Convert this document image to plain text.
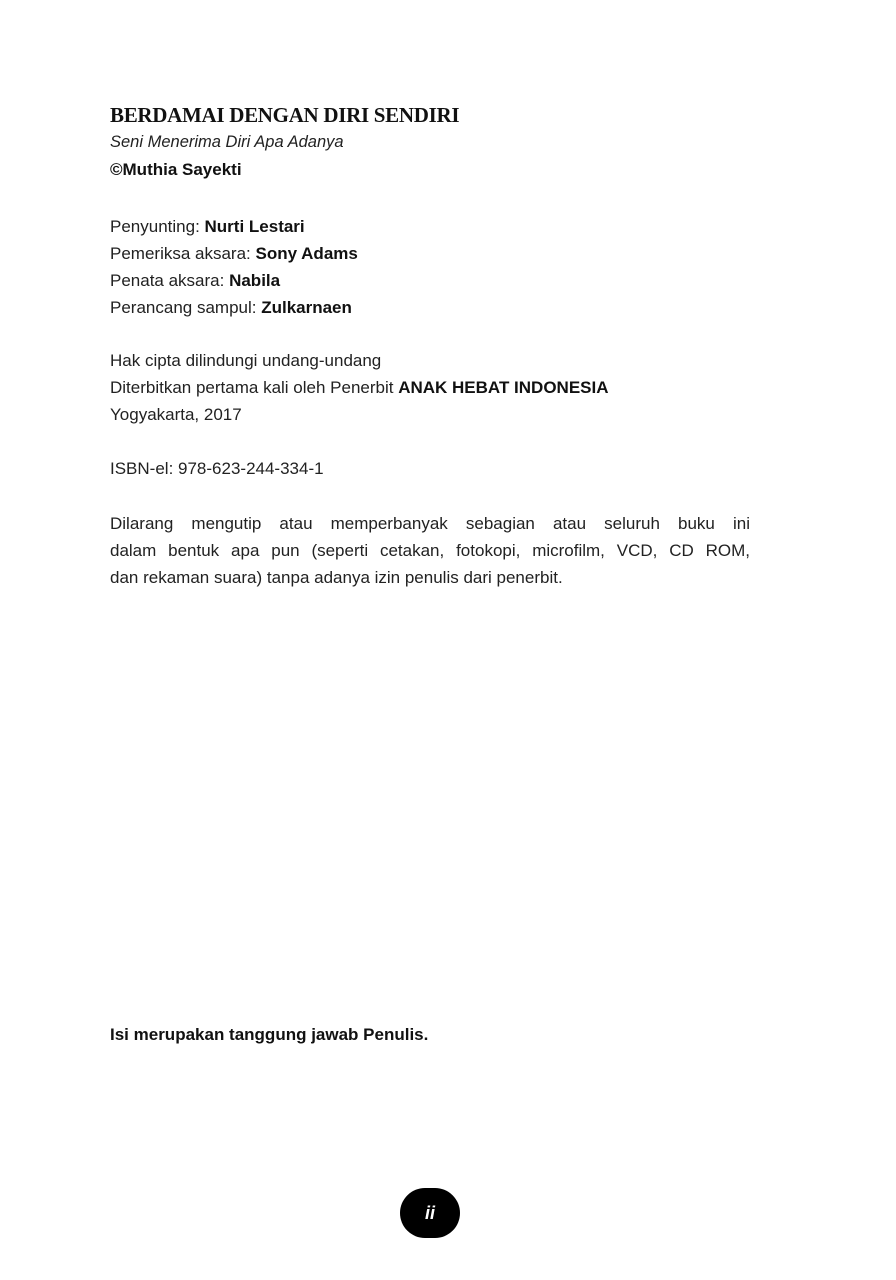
BERDAMAI DENGAN DIRI SENDIRI

Seni Menerima Diri Apa Adanya

©Muthia Sayekti

Penyunting: Nurti Lestari
Pemeriksa aksara: Sony Adams
Penata aksara: Nabila
Perancang sampul: Zulkarnaen
Hak cipta dilindungi undang-undang
Diterbitkan pertama kali oleh Penerbit ANAK HEBAT INDONESIA
Yogyakarta, 2017
ISBN-el: 978-623-244-334-1
Dilarang mengutip atau memperbanyak sebagian atau seluruh buku ini
dalam bentuk apa pun (seperti cetakan, fotokopi, microfilm, VCD, CD ROM,
dan rekaman suara) tanpa adanya izin penulis dari penerbit.

Isi merupakan tanggung jawab Penulis.

ii
